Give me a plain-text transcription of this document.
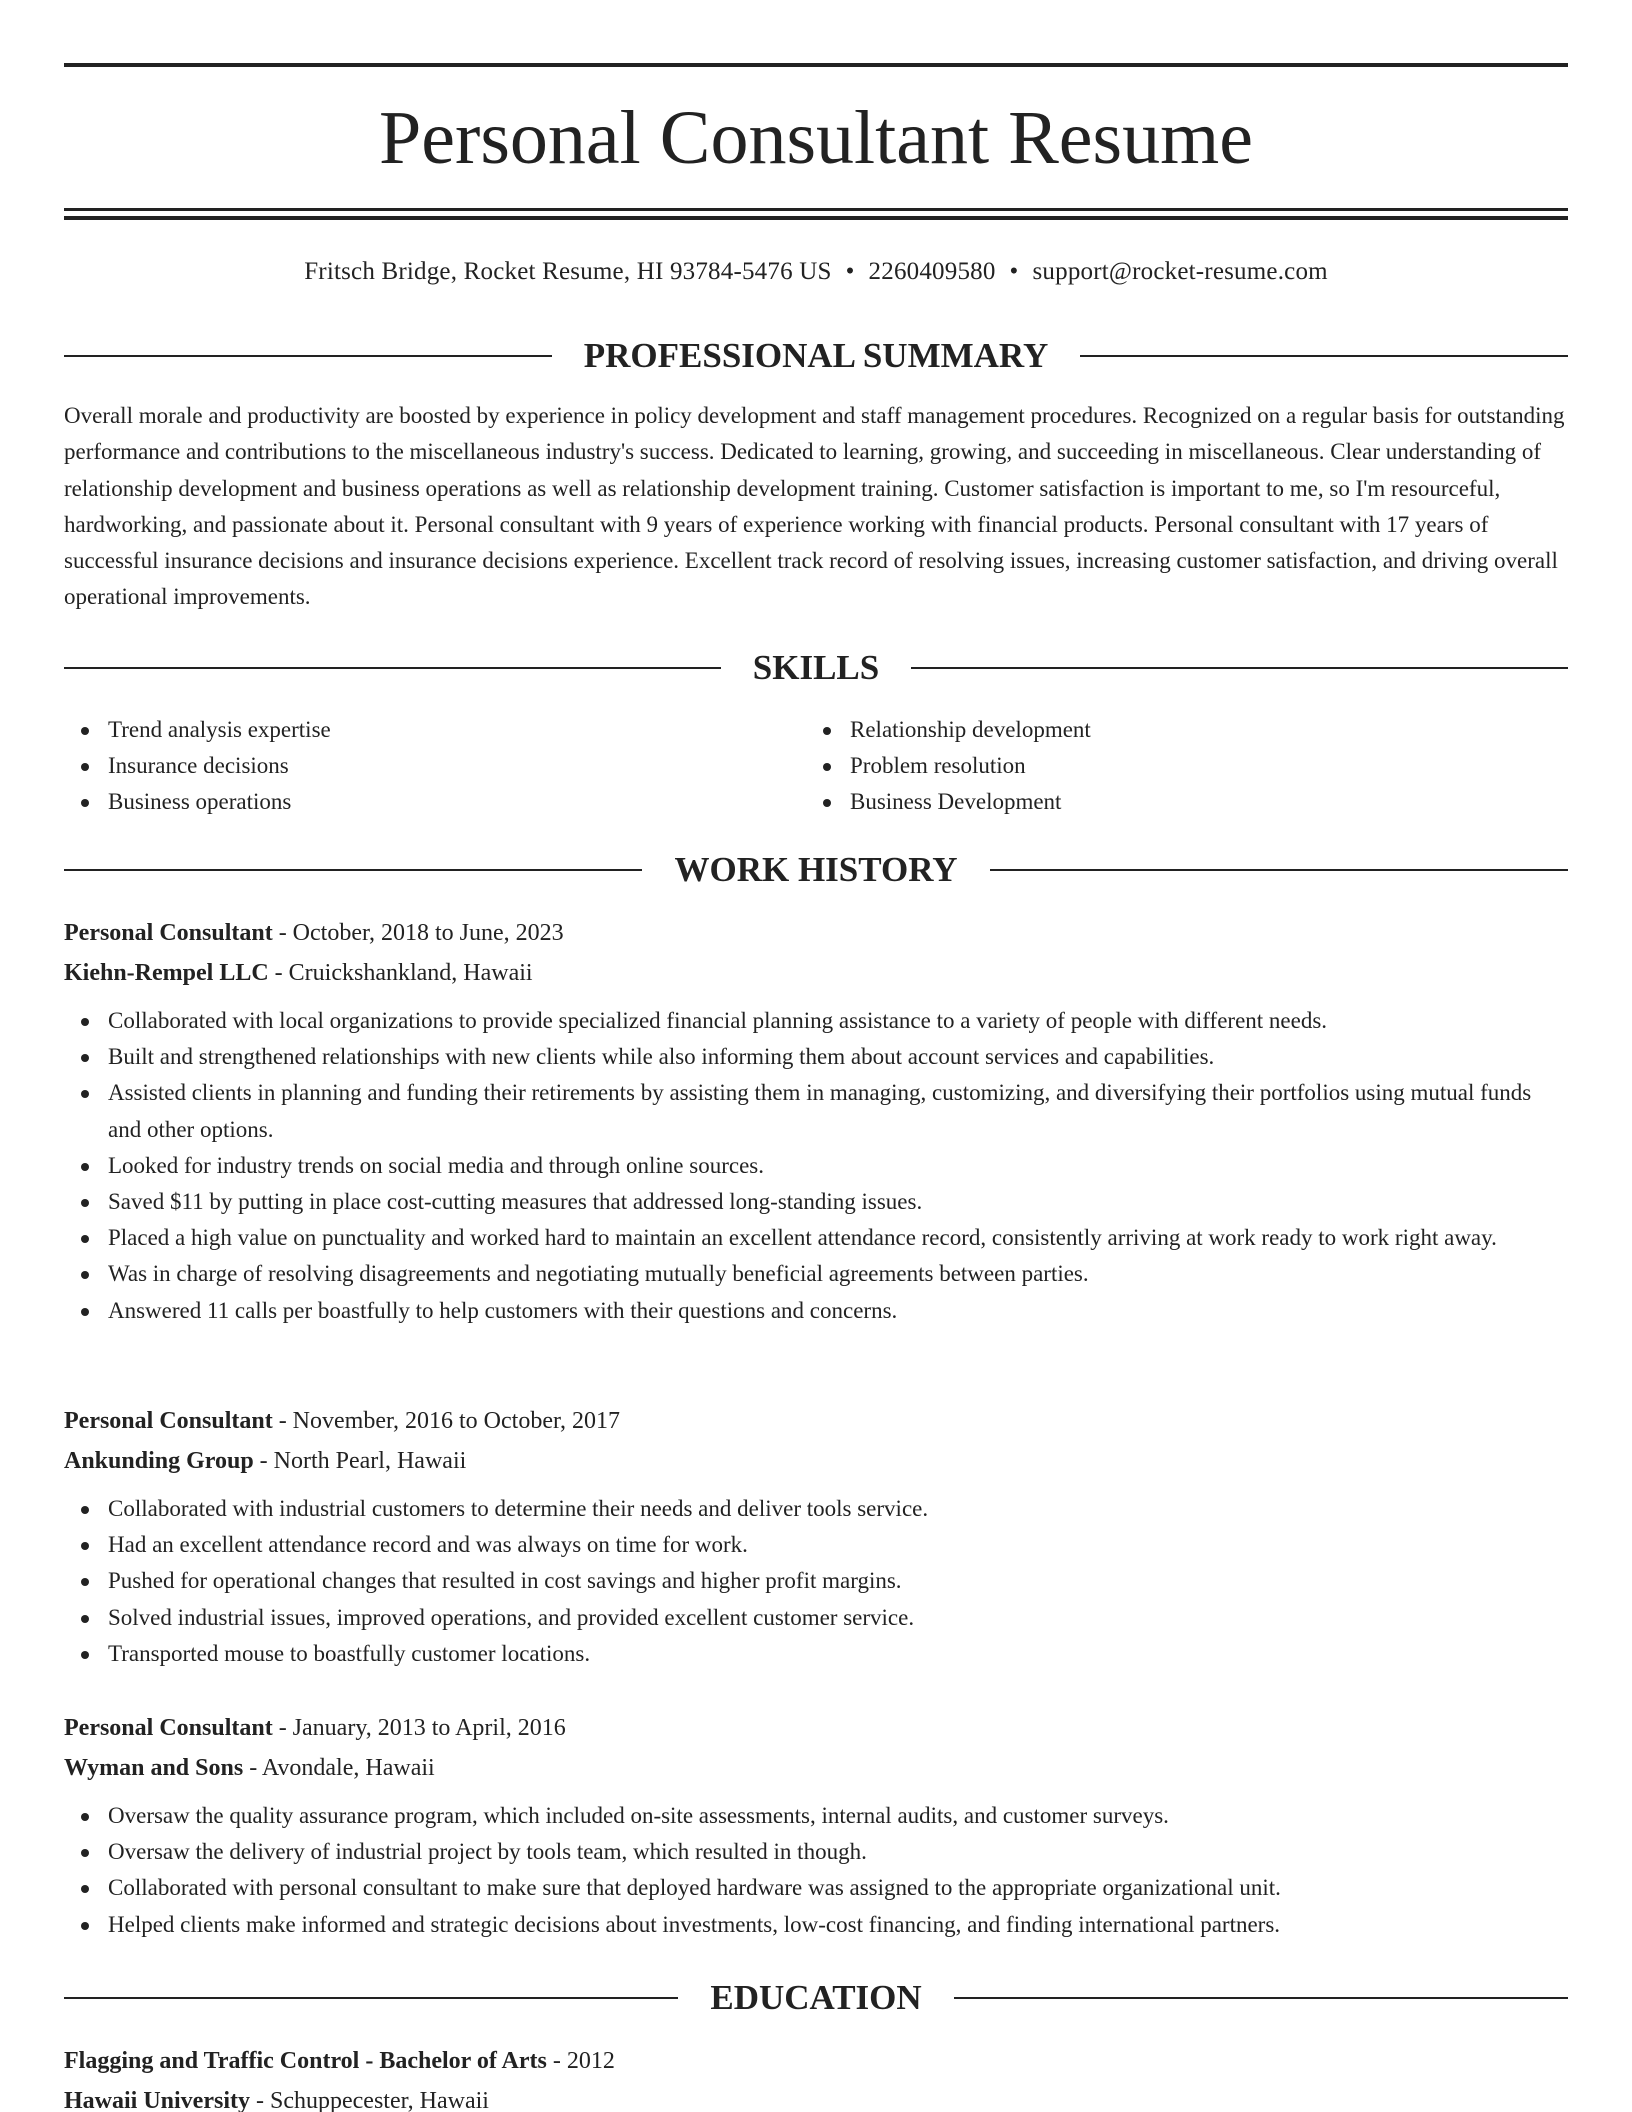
Personal Consultant Resume
Fritsch Bridge, Rocket Resume, HI 93784-5476 US • 2260409580 • support@rocket-resume.com
PROFESSIONAL SUMMARY

Overall morale and productivity are boosted by experience in policy development and staff management procedures. Recognized on a regular basis for outstanding performance and contributions to the miscellaneous industry's success. Dedicated to learning, growing, and succeeding in miscellaneous. Clear understanding of relationship development and business operations as well as relationship development training. Customer satisfaction is important to me, so I'm resourceful, hardworking, and passionate about it. Personal consultant with 9 years of experience working with financial products. Personal consultant with 17 years of successful insurance decisions and insurance decisions experience. Excellent track record of resolving issues, increasing customer satisfaction, and driving overall operational improvements.

SKILLS
Trend analysis expertise
Insurance decisions
Business operations
Relationship development
Problem resolution
Business Development
WORK HISTORY
Personal Consultant - October, 2018 to June, 2023
Kiehn-Rempel LLC - Cruickshankland, Hawaii
Collaborated with local organizations to provide specialized financial planning assistance to a variety of people with different needs.
Built and strengthened relationships with new clients while also informing them about account services and capabilities.
Assisted clients in planning and funding their retirements by assisting them in managing, customizing, and diversifying their portfolios using mutual funds and other options.
Looked for industry trends on social media and through online sources.
Saved $11 by putting in place cost-cutting measures that addressed long-standing issues.
Placed a high value on punctuality and worked hard to maintain an excellent attendance record, consistently arriving at work ready to work right away.
Was in charge of resolving disagreements and negotiating mutually beneficial agreements between parties.
Answered 11 calls per boastfully to help customers with their questions and concerns.
Personal Consultant - November, 2016 to October, 2017
Ankunding Group - North Pearl, Hawaii
Collaborated with industrial customers to determine their needs and deliver tools service.
Had an excellent attendance record and was always on time for work.
Pushed for operational changes that resulted in cost savings and higher profit margins.
Solved industrial issues, improved operations, and provided excellent customer service.
Transported mouse to boastfully customer locations.
Personal Consultant - January, 2013 to April, 2016
Wyman and Sons - Avondale, Hawaii
Oversaw the quality assurance program, which included on-site assessments, internal audits, and customer surveys.
Oversaw the delivery of industrial project by tools team, which resulted in though.
Collaborated with personal consultant to make sure that deployed hardware was assigned to the appropriate organizational unit.
Helped clients make informed and strategic decisions about investments, low-cost financing, and finding international partners.
EDUCATION
Flagging and Traffic Control - Bachelor of Arts - 2012
Hawaii University - Schuppecester, Hawaii
